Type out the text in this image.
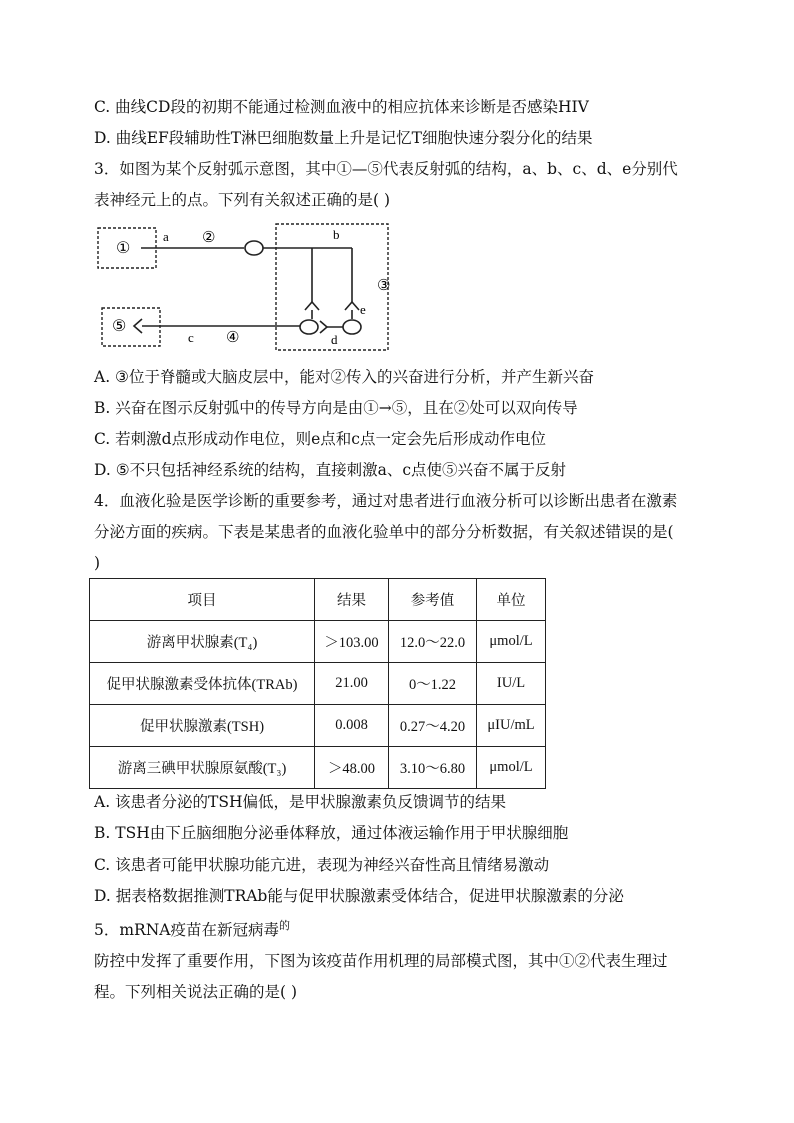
C. 曲线CD段的初期不能通过检测血液中的相应抗体来诊断是否感染HIV
D. 曲线EF段辅助性T淋巴细胞数量上升是记忆T细胞快速分裂分化的结果
3．如图为某个反射弧示意图，其中①—⑤代表反射弧的结构，a、b、c、d、e分别代
表神经元上的点。下列有关叙述正确的是( )
①
a ②	b
③
e
d
⑤
c ④
A. ③位于脊髓或大脑皮层中，能对②传入的兴奋进行分析，并产生新兴奋
B. 兴奋在图示反射弧中的传导方向是由①→⑤，且在②处可以双向传导
C. 若刺激d点形成动作电位，则e点和c点一定会先后形成动作电位
D. ⑤不只包括神经系统的结构，直接刺激a、c点使⑤兴奋不属于反射
4．血液化验是医学诊断的重要参考，通过对患者进行血液分析可以诊断出患者在激素
分泌方面的疾病。下表是某患者的血液化验单中的部分分析数据，有关叙述错误的是(
)
项目	结果	参考值	单位
游离甲状腺素(T₄)	＞103.00	12.0～22.0	μmol/L
促甲状腺激素受体抗体(TRAb)	21.00	0～1.22	IU/L
促甲状腺激素(TSH)	0.008	0.27～4.20	μIU/mL
游离三碘甲状腺原氨酸(T₃)	＞48.00	3.10～6.80	μmol/L
A. 该患者分泌的TSH偏低，是甲状腺激素负反馈调节的结果
B. TSH由下丘脑细胞分泌垂体释放，通过体液运输作用于甲状腺细胞
C. 该患者可能甲状腺功能亢进，表现为神经兴奋性高且情绪易激动
D. 据表格数据推测TRAb能与促甲状腺激素受体结合，促进甲状腺激素的分泌
5．mRNA疫苗在新冠病毒$^的$
防控中发挥了重要作用，下图为该疫苗作用机理的局部模式图，其中①②代表生理过
程。下列相关说法正确的是( )
